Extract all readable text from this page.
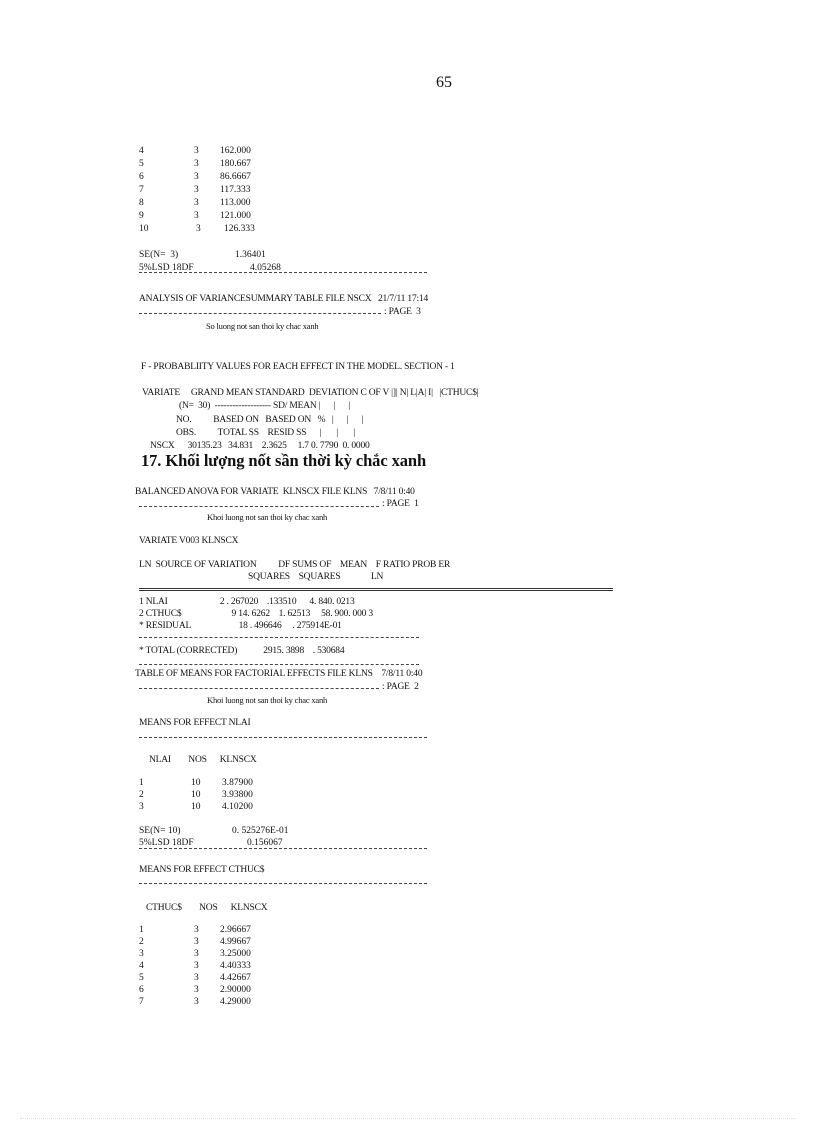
65

4	3 162.000

5	3 180.667

6	3 86.6667

7	3 117.333

8	3 113.000

9	3 121.000

10	3 126.333

SE(N=  3)	1.36401

5%LSD 18DF	4.05268

ANALYSIS OF VARIANCESUMMARY TABLE FILE NSCX   21/7/11 17:14
: PAGE  3
So luong not san thoi ky chac xanh
F - PROBABLIITY VALUES FOR EACH EFFECT IN THE MODEL. SECTION - 1
VARIATE     GRAND MEAN STANDARD  DEVIATION C OF V |]| N| L|A| I|   |CTHUC$|
(N=  30)  ------------------- SD/ MEAN |      |      |
NO.          BASED ON   BASED ON   %   |      |      |
OBS.          TOTAL SS    RESID SS      |       |       |
NSCX      30135.23   34.831    2.3625     1.7 0. 7790  0. 0000
17. Khối lượng nốt sần thời kỳ chắc xanh
BALANCED ANOVA FOR VARIATE  KLNSCX FILE KLNS   7/8/11 0:40
: PAGE  1
Khoi luong not san thoi ky chac xanh
VARIATE V003 KLNSCX
LN  SOURCE OF VARIATION          DF SUMS OF    MEAN    F RATIO PROB ER
SQUARES    SQUARES              LN
1 NLAI                        2 . 267020    .133510      4. 840. 0213
2 CTHUC$                       9 14. 6262    1. 62513     58. 900. 000 3
* RESIDUAL                      18 . 496646     . 275914E-01
* TOTAL (CORRECTED)            2915. 3898    . 530684
TABLE OF MEANS FOR FACTORIAL EFFECTS FILE KLNS    7/8/11 0:40
: PAGE  2
Khoi luong not san thoi ky chac xanh
MEANS FOR EFFECT NLAI
NLAI        NOS      KLNSCX

1	10 3.87900

2	10 3.93800

3	10 4.10200

SE(N= 10)	0. 525276E-01

5%LSD 18DF	0.156067

MEANS FOR EFFECT CTHUC$
CTHUC$        NOS      KLNSCX

1	3 2.96667

2	3 4.99667

3	3 3.25000

4	3 4.40333

5	3 4.42667

6	3 2.90000

7	3 4.29000
